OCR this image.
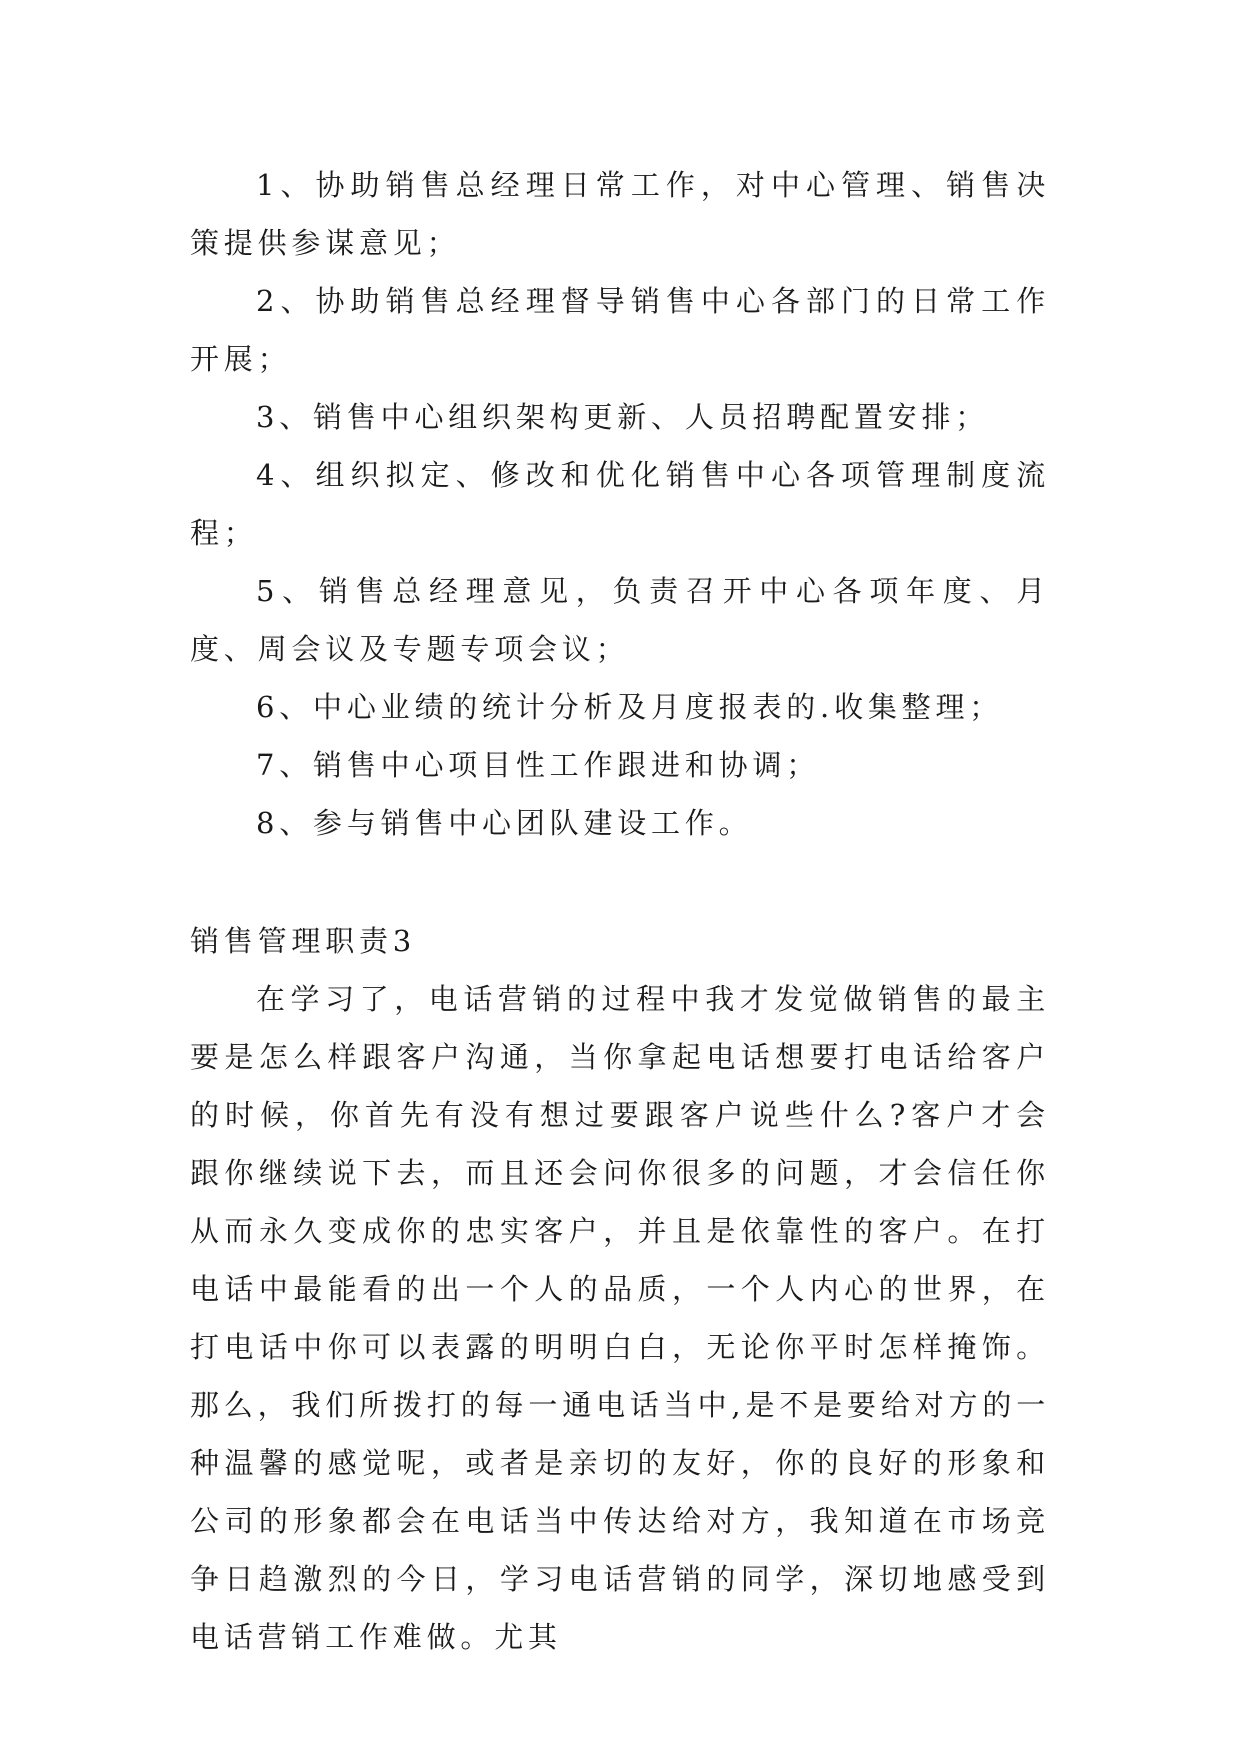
1、协助销售总经理日常工作，对中心管理、销售决策提供参谋意见；

2、协助销售总经理督导销售中心各部门的日常工作开展；

3、销售中心组织架构更新、人员招聘配置安排；

4、组织拟定、修改和优化销售中心各项管理制度流程；

5、销售总经理意见，负责召开中心各项年度、月度、周会议及专题专项会议；

6、中心业绩的统计分析及月度报表的.收集整理；

7、销售中心项目性工作跟进和协调；

8、参与销售中心团队建设工作。

销售管理职责3

在学习了，电话营销的过程中我才发觉做销售的最主要是怎么样跟客户沟通，当你拿起电话想要打电话给客户的时候，你首先有没有想过要跟客户说些什么?客户才会跟你继续说下去，而且还会问你很多的问题，才会信任你从而永久变成你的忠实客户，并且是依靠性的客户。在打电话中最能看的出一个人的品质，一个人内心的世界，在打电话中你可以表露的明明白白，无论你平时怎样掩饰。那么，我们所拨打的每一通电话当中,是不是要给对方的一种温馨的感觉呢，或者是亲切的友好，你的良好的形象和公司的形象都会在电话当中传达给对方，我知道在市场竞争日趋激烈的今日，学习电话营销的同学，深切地感受到电话营销工作难做。尤其
